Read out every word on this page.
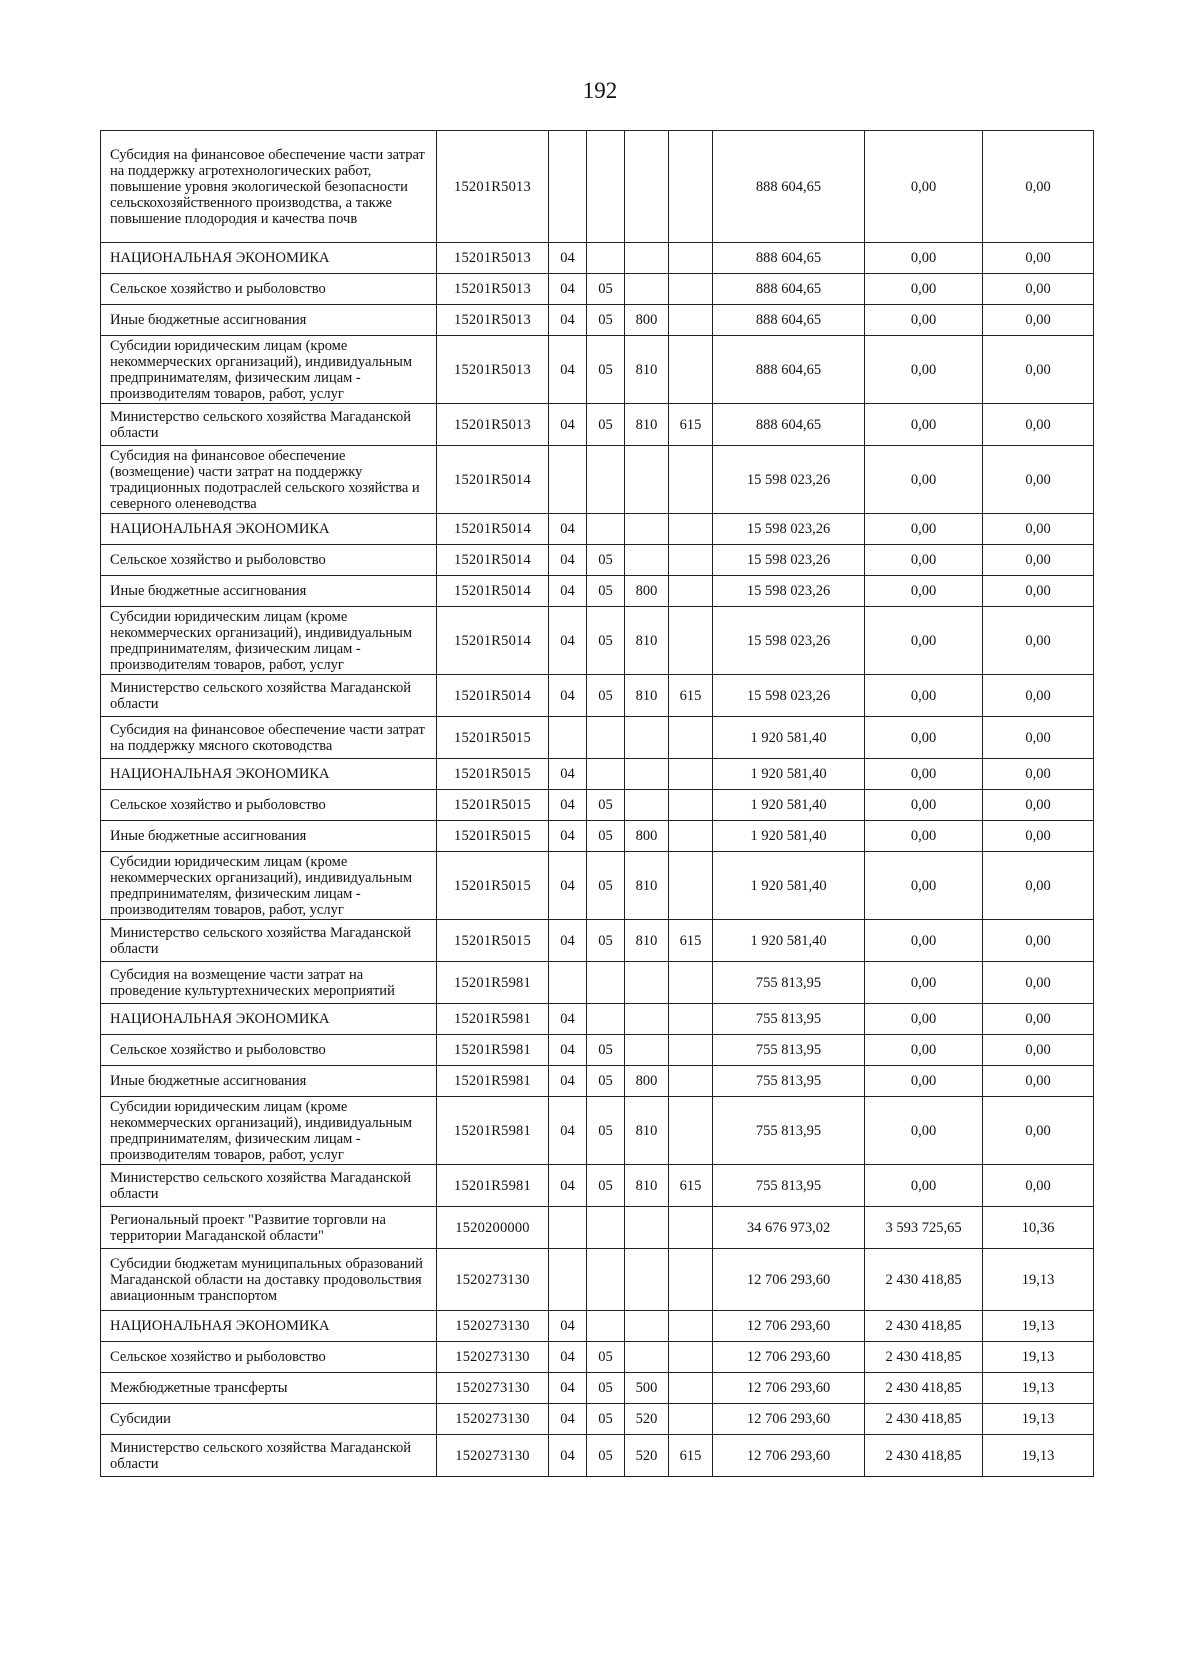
192
Субсидия на финансовое обеспечение части затрат на поддержку агротехнологических работ, повышение уровня экологической безопасности сельскохозяйственного производства, а также повышение плодородия и качества почв	15201R5013					888 604,65	0,00	0,00
НАЦИОНАЛЬНАЯ ЭКОНОМИКА	15201R5013	04				888 604,65	0,00	0,00
Сельское хозяйство и рыболовство	15201R5013	04	05			888 604,65	0,00	0,00
Иные бюджетные ассигнования	15201R5013	04	05	800		888 604,65	0,00	0,00
Субсидии юридическим лицам (кроме некоммерческих организаций), индивидуальным предпринимателям, физическим лицам - производителям товаров, работ, услуг	15201R5013	04	05	810		888 604,65	0,00	0,00
Министерство сельского хозяйства Магаданской области	15201R5013	04	05	810	615	888 604,65	0,00	0,00
Субсидия на финансовое обеспечение (возмещение) части затрат на поддержку традиционных подотраслей сельского хозяйства и северного оленеводства	15201R5014					15 598 023,26	0,00	0,00
НАЦИОНАЛЬНАЯ ЭКОНОМИКА	15201R5014	04				15 598 023,26	0,00	0,00
Сельское хозяйство и рыболовство	15201R5014	04	05			15 598 023,26	0,00	0,00
Иные бюджетные ассигнования	15201R5014	04	05	800		15 598 023,26	0,00	0,00
Субсидии юридическим лицам (кроме некоммерческих организаций), индивидуальным предпринимателям, физическим лицам - производителям товаров, работ, услуг	15201R5014	04	05	810		15 598 023,26	0,00	0,00
Министерство сельского хозяйства Магаданской области	15201R5014	04	05	810	615	15 598 023,26	0,00	0,00
Субсидия на финансовое обеспечение части затрат на поддержку мясного скотоводства	15201R5015					1 920 581,40	0,00	0,00
НАЦИОНАЛЬНАЯ ЭКОНОМИКА	15201R5015	04				1 920 581,40	0,00	0,00
Сельское хозяйство и рыболовство	15201R5015	04	05			1 920 581,40	0,00	0,00
Иные бюджетные ассигнования	15201R5015	04	05	800		1 920 581,40	0,00	0,00
Субсидии юридическим лицам (кроме некоммерческих организаций), индивидуальным предпринимателям, физическим лицам - производителям товаров, работ, услуг	15201R5015	04	05	810		1 920 581,40	0,00	0,00
Министерство сельского хозяйства Магаданской области	15201R5015	04	05	810	615	1 920 581,40	0,00	0,00
Субсидия на возмещение части затрат на проведение культуртехнических мероприятий	15201R5981					755 813,95	0,00	0,00
НАЦИОНАЛЬНАЯ ЭКОНОМИКА	15201R5981	04				755 813,95	0,00	0,00
Сельское хозяйство и рыболовство	15201R5981	04	05			755 813,95	0,00	0,00
Иные бюджетные ассигнования	15201R5981	04	05	800		755 813,95	0,00	0,00
Субсидии юридическим лицам (кроме некоммерческих организаций), индивидуальным предпринимателям, физическим лицам - производителям товаров, работ, услуг	15201R5981	04	05	810		755 813,95	0,00	0,00
Министерство сельского хозяйства Магаданской области	15201R5981	04	05	810	615	755 813,95	0,00	0,00
Региональный проект "Развитие торговли на территории Магаданской области"	1520200000					34 676 973,02	3 593 725,65	10,36
Субсидии бюджетам муниципальных образований Магаданской области на доставку продовольствия авиационным транспортом	1520273130					12 706 293,60	2 430 418,85	19,13
НАЦИОНАЛЬНАЯ ЭКОНОМИКА	1520273130	04				12 706 293,60	2 430 418,85	19,13
Сельское хозяйство и рыболовство	1520273130	04	05			12 706 293,60	2 430 418,85	19,13
Межбюджетные трансферты	1520273130	04	05	500		12 706 293,60	2 430 418,85	19,13
Субсидии	1520273130	04	05	520		12 706 293,60	2 430 418,85	19,13
Министерство сельского хозяйства Магаданской области	1520273130	04	05	520	615	12 706 293,60	2 430 418,85	19,13
